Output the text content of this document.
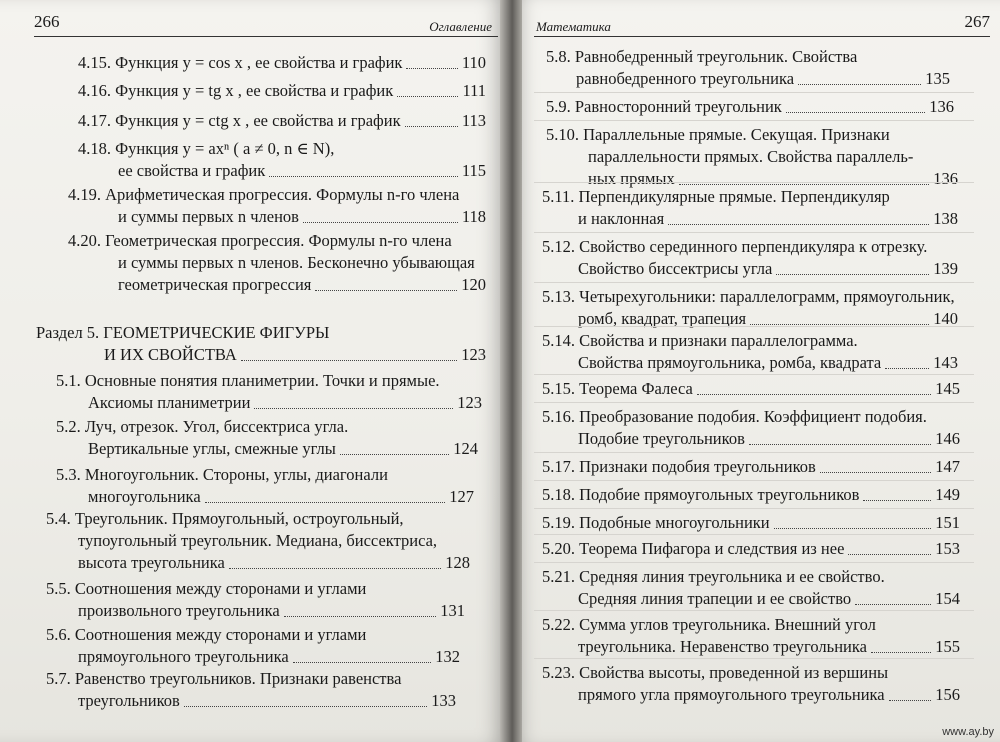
266	Оглавление
4.15. Функция y = cos x , ее свойства и график	110
4.16. Функция y = tg x , ее свойства и график	111
4.17. Функция y = ctg x , ее свойства и график	113
4.18. Функция y = axⁿ ( a ≠ 0, n ∈ N),
ее свойства и график	115
4.19. Арифметическая прогрессия. Формулы n-го члена
и суммы первых n членов	118
4.20. Геометрическая прогрессия. Формулы n-го члена
и суммы первых n членов. Бесконечно убывающая
геометрическая прогрессия	120
Раздел 5. ГЕОМЕТРИЧЕСКИЕ ФИГУРЫ
И ИХ СВОЙСТВА	123
5.1. Основные понятия планиметрии. Точки и прямые.
Аксиомы планиметрии	123
5.2. Луч, отрезок. Угол, биссектриса угла.
Вертикальные углы, смежные углы	124
5.3. Многоугольник. Стороны, углы, диагонали
многоугольника	127
5.4. Треугольник. Прямоугольный, остроугольный,
тупоугольный треугольник. Медиана, биссектриса,
высота треугольника	128
5.5. Соотношения между сторонами и углами
произвольного треугольника	131
5.6. Соотношения между сторонами и углами
прямоугольного треугольника	132
5.7. Равенство треугольников. Признаки равенства
треугольников	133
Математика	267
5.8. Равнобедренный треугольник. Свойства
равнобедренного треугольника	135
5.9. Равносторонний треугольник	136
5.10. Параллельные прямые. Секущая. Признаки
параллельности прямых. Свойства параллель-
ных прямых	136
5.11. Перпендикулярные прямые. Перпендикуляр
и наклонная	138
5.12. Свойство серединного перпендикуляра к отрезку.
Свойство биссектрисы угла	139
5.13. Четырехугольники: параллелограмм, прямоугольник,
ромб, квадрат, трапеция	140
5.14. Свойства и признаки параллелограмма.
Свойства прямоугольника, ромба, квадрата	143
5.15. Теорема Фалеса	145
5.16. Преобразование подобия. Коэффициент подобия.
Подобие треугольников	146
5.17. Признаки подобия треугольников	147
5.18. Подобие прямоугольных треугольников	149
5.19. Подобные многоугольники	151
5.20. Теорема Пифагора и следствия из нее	153
5.21. Средняя линия треугольника и ее свойство.
Средняя линия трапеции и ее свойство	154
5.22. Сумма углов треугольника. Внешний угол
треугольника. Неравенство треугольника	155
5.23. Свойства высоты, проведенной из вершины
прямого угла прямоугольного треугольника	156
www.ay.by
